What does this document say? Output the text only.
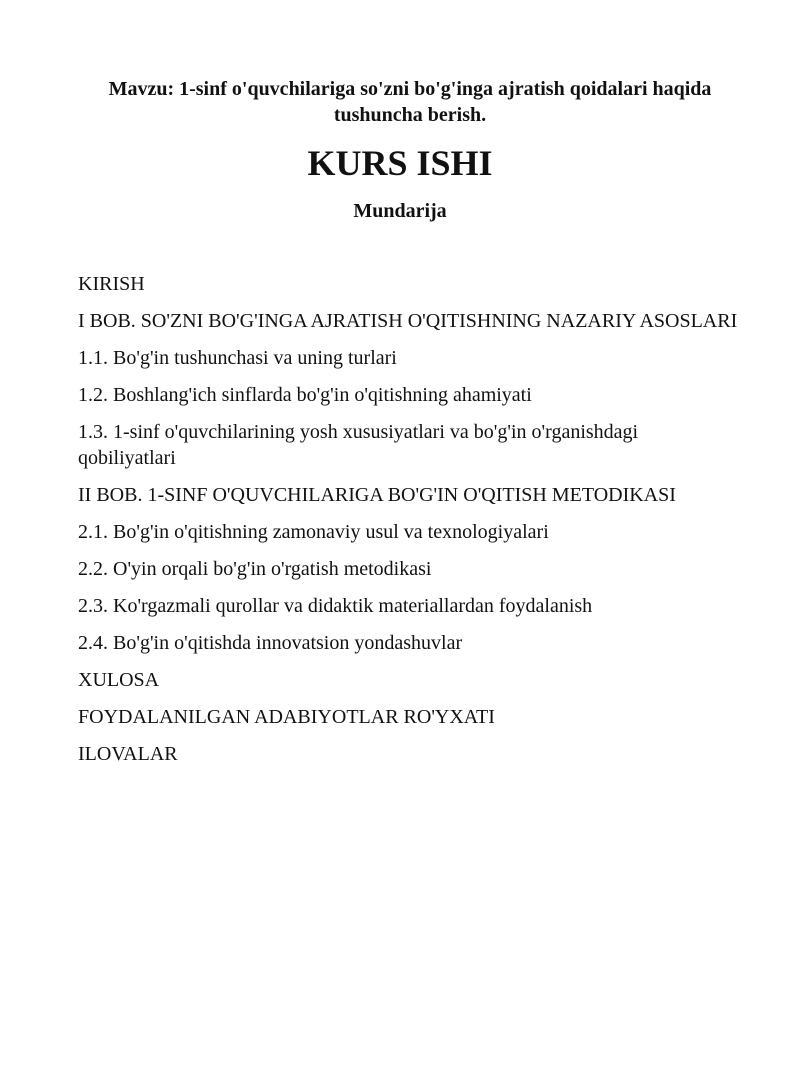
Mavzu: 1-sinf o'quvchilariga so'zni bo'g'inga ajratish qoidalari haqida tushuncha berish.
KURS ISHI
Mundarija
KIRISH
I BOB. SO'ZNI BO'G'INGA AJRATISH O'QITISHNING NAZARIY ASOSLARI
1.1. Bo'g'in tushunchasi va uning turlari
1.2. Boshlang'ich sinflarda bo'g'in o'qitishning ahamiyati
1.3. 1-sinf o'quvchilarining yosh xususiyatlari va bo'g'in o'rganishdagi qobiliyatlari
II BOB. 1-SINF O'QUVCHILARIGA BO'G'IN O'QITISH METODIKASI
2.1. Bo'g'in o'qitishning zamonaviy usul va texnologiyalari
2.2. O'yin orqali bo'g'in o'rgatish metodikasi
2.3. Ko'rgazmali qurollar va didaktik materiallardan foydalanish
2.4. Bo'g'in o'qitishda innovatsion yondashuvlar
XULOSA
FOYDALANILGAN ADABIYOTLAR RO'YXATI
ILOVALAR
